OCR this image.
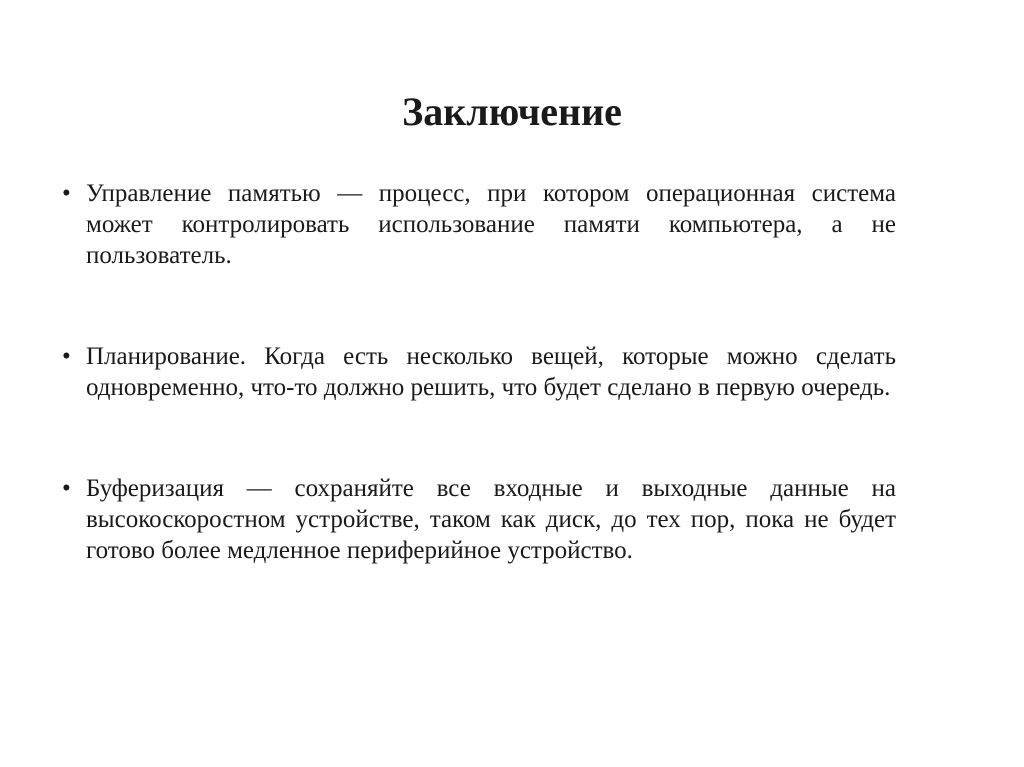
Заключение
• Управление памятью — процесс, при котором операционная система может контролировать использование памяти компьютера, а не пользователь.
• Планирование. Когда есть несколько вещей, которые можно сделать одновременно, что-то должно решить, что будет сделано в первую очередь.
• Буферизация — сохраняйте все входные и выходные данные на высокоскоростном устройстве, таком как диск, до тех пор, пока не будет готово более медленное периферийное устройство.
